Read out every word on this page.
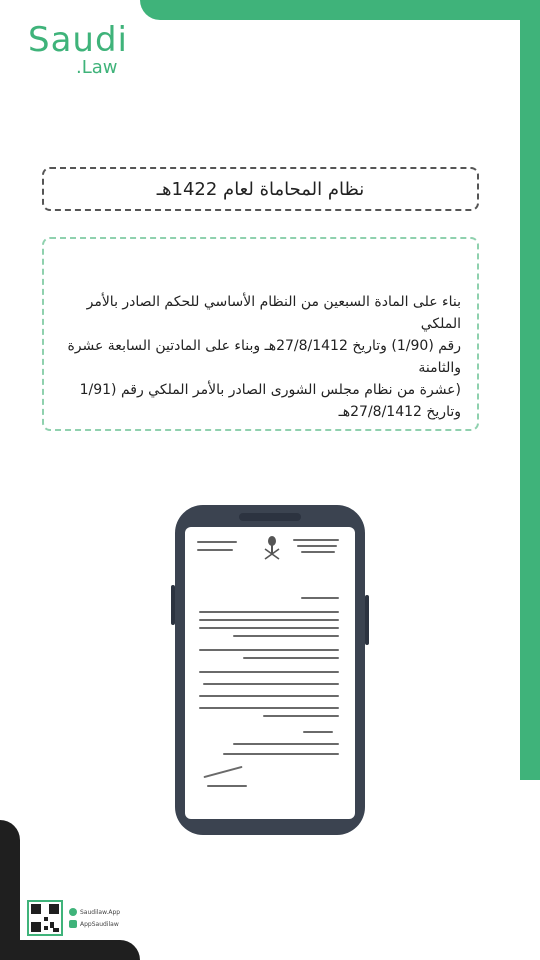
Saudi
.Law
نظام المحاماة لعام 1422هـ

بناء على المادة السبعين من النظام الأساسي للحكم الصادر بالأمر الملكي

رقم (1/90) وتاريخ 27/8/1412هـ وبناء على المادتين السابعة عشرة والثامنة

(عشرة من نظام مجلس الشورى الصادر بالأمر الملكي رقم (1/91

وتاريخ 27/8/1412هـ

Saudilaw.App
AppSaudilaw
